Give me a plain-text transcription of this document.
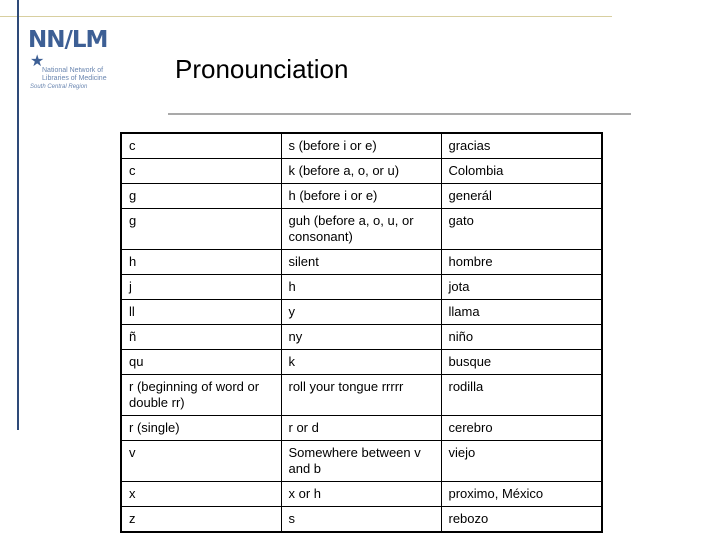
NN/LM
★
National Network of
Libraries of Medicine
South Central Region
Pronounciation
c	s (before i or e)	gracias
c	k (before a, o, or u)	Colombia
g	h (before i or e)	generál
g	guh (before a, o, u, or consonant)	gato
h	silent	hombre
j	h	jota
ll	y	llama
ñ	ny	niño
qu	k	busque
r (beginning of word or double rr)	roll your tongue rrrrr	rodilla
r (single)	r or d	cerebro
v	Somewhere between v and b	viejo
x	x or h	proximo, México
z	s	rebozo
